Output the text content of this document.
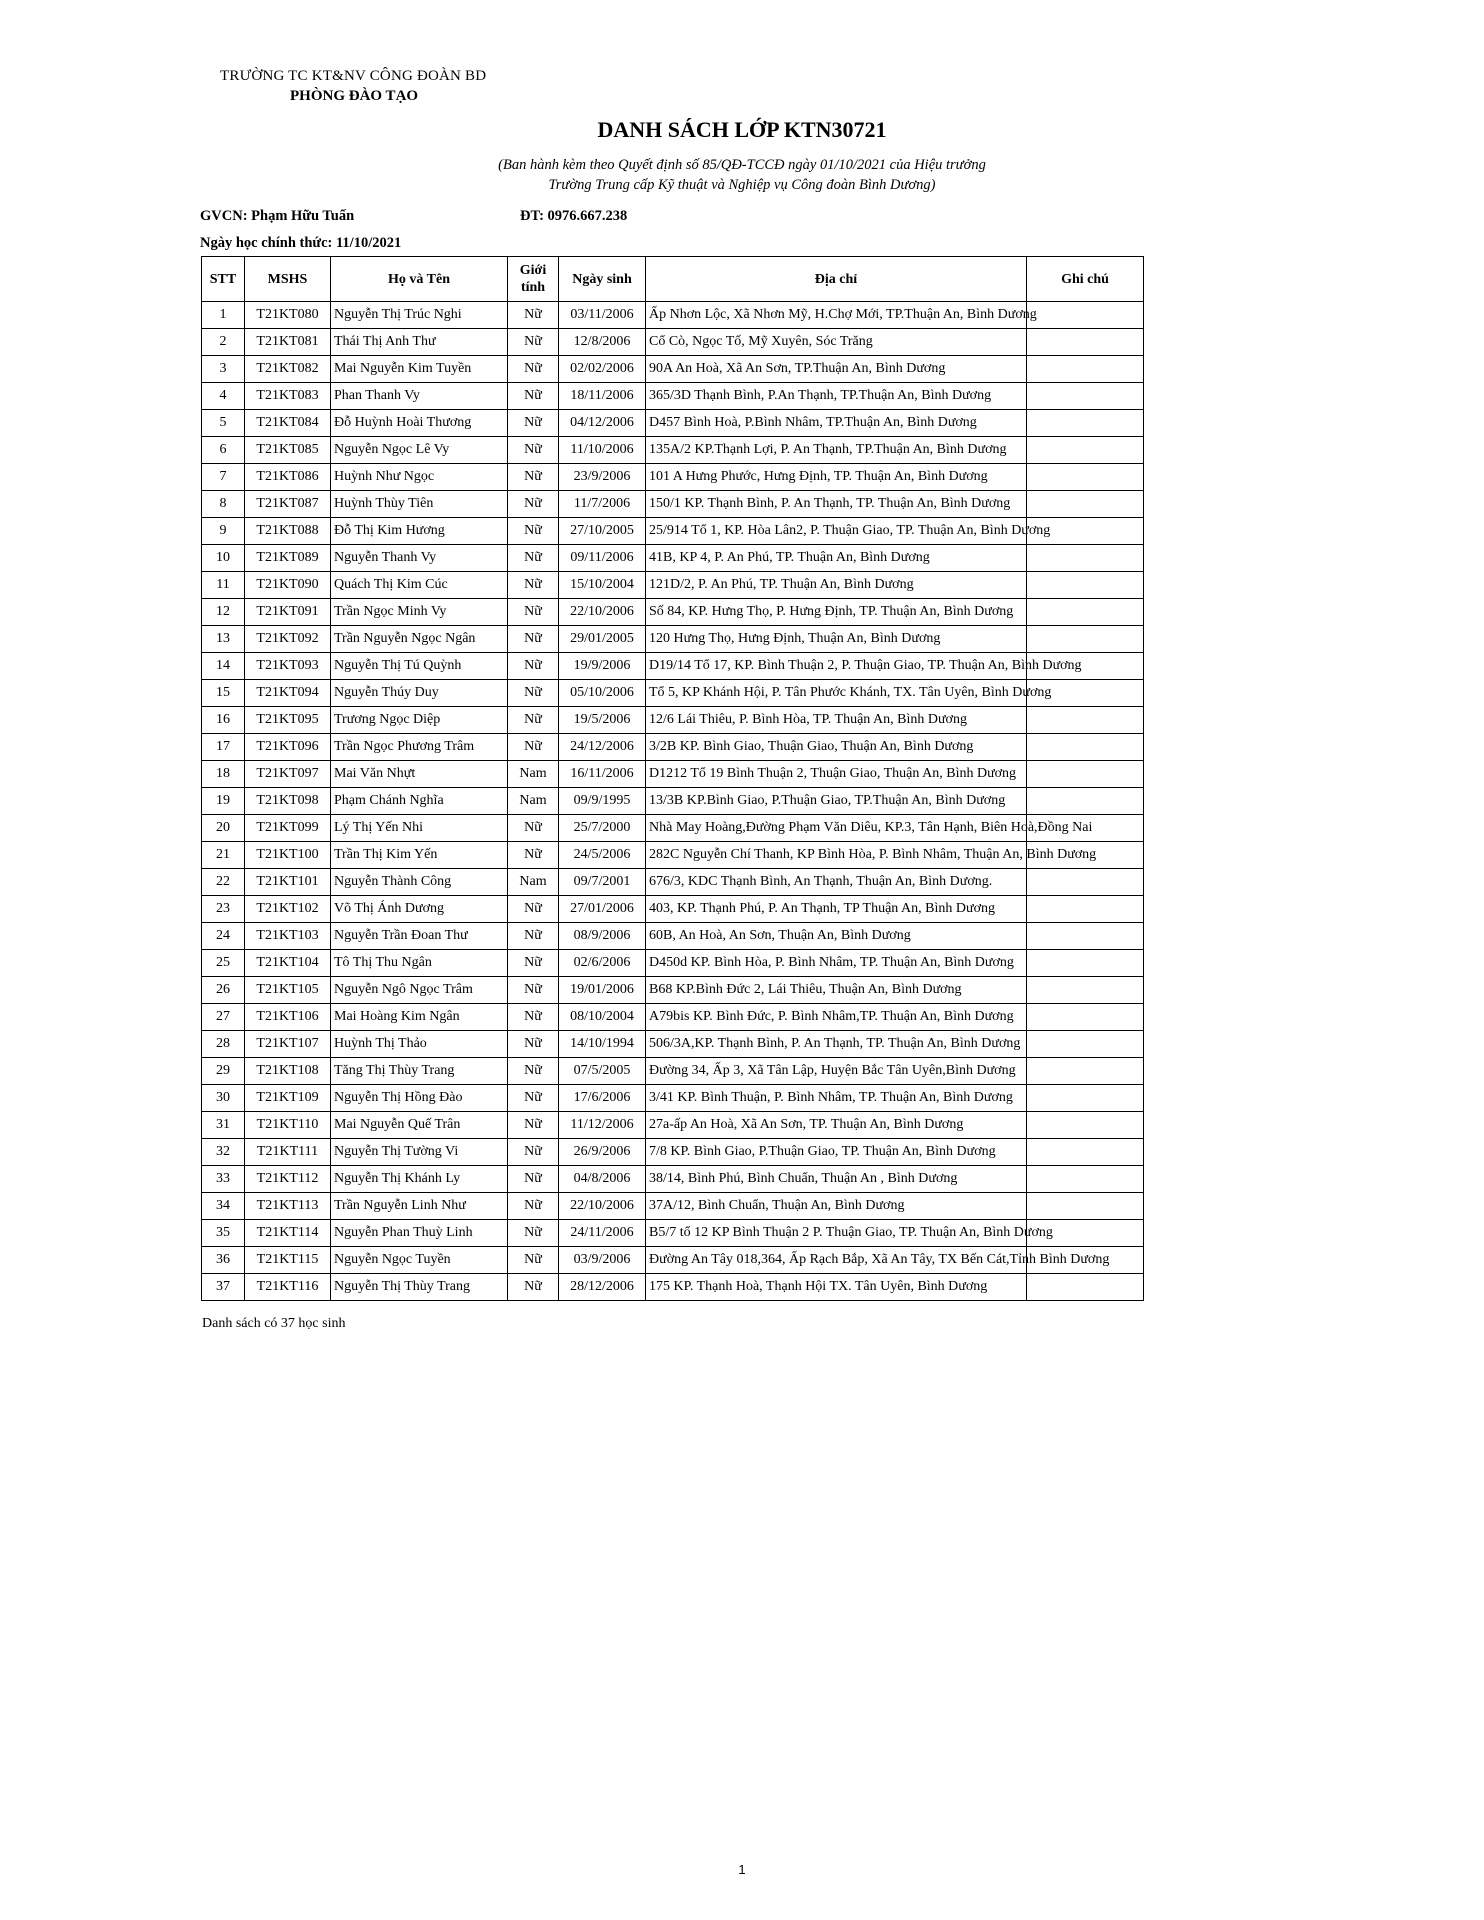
TRƯỜNG TC KT&NV CÔNG ĐOÀN BD
PHÒNG ĐÀO TẠO
DANH SÁCH LỚP KTN30721
(Ban hành kèm theo Quyết định số 85/QĐ-TCCĐ ngày 01/10/2021 của Hiệu trưởng
Trường Trung cấp Kỹ thuật và Nghiệp vụ Công đoàn Bình Dương)
GVCN: Phạm Hữu Tuấn	ĐT: 0976.667.238
Ngày học chính thức: 11/10/2021
STT	MSHS	Họ và Tên	Giới
tính	Ngày sinh	Địa chỉ	Ghi chú
1	T21KT080	Nguyễn Thị Trúc Nghi	Nữ	03/11/2006	Ấp Nhơn Lộc, Xã Nhơn Mỹ, H.Chợ Mới, TP.Thuận An, Bình Dương	
2	T21KT081	Thái Thị Anh Thư	Nữ	12/8/2006	Cổ Cò, Ngọc Tố, Mỹ Xuyên, Sóc Trăng	
3	T21KT082	Mai Nguyễn Kim Tuyền	Nữ	02/02/2006	90A An Hoà, Xã An Sơn, TP.Thuận An, Bình Dương	
4	T21KT083	Phan Thanh Vy	Nữ	18/11/2006	365/3D Thạnh Bình, P.An Thạnh, TP.Thuận An, Bình Dương	
5	T21KT084	Đỗ Huỳnh Hoài Thương	Nữ	04/12/2006	D457 Bình Hoà, P.Bình Nhâm, TP.Thuận An, Bình Dương	
6	T21KT085	Nguyễn Ngọc Lê Vy	Nữ	11/10/2006	135A/2 KP.Thạnh Lợi, P. An Thạnh, TP.Thuận An, Bình Dương	
7	T21KT086	Huỳnh Như Ngọc	Nữ	23/9/2006	101 A Hưng Phước, Hưng Định, TP. Thuận An, Bình Dương	
8	T21KT087	Huỳnh Thùy Tiên	Nữ	11/7/2006	150/1 KP. Thạnh Bình, P. An Thạnh, TP. Thuận An, Bình Dương	
9	T21KT088	Đỗ Thị Kim Hương	Nữ	27/10/2005	25/914 Tổ 1, KP. Hòa Lân2, P. Thuận Giao, TP. Thuận An, Bình Dương	
10	T21KT089	Nguyễn Thanh Vy	Nữ	09/11/2006	41B, KP 4, P. An Phú, TP. Thuận An, Bình Dương	
11	T21KT090	Quách Thị Kim Cúc	Nữ	15/10/2004	121D/2, P. An Phú, TP. Thuận An, Bình Dương	
12	T21KT091	Trần Ngọc Minh Vy	Nữ	22/10/2006	Số 84, KP. Hưng Thọ, P. Hưng Định, TP. Thuận An, Bình Dương	
13	T21KT092	Trần Nguyễn Ngọc Ngân	Nữ	29/01/2005	120 Hưng Thọ, Hưng Định, Thuận An, Bình Dương	
14	T21KT093	Nguyễn Thị Tú Quỳnh	Nữ	19/9/2006	D19/14 Tổ 17, KP. Bình Thuận 2, P. Thuận Giao, TP. Thuận An, Bình Dương	
15	T21KT094	Nguyễn Thúy Duy	Nữ	05/10/2006	Tổ 5, KP Khánh Hội, P. Tân Phước Khánh, TX. Tân Uyên, Bình Dương	
16	T21KT095	Trương Ngọc Diệp	Nữ	19/5/2006	12/6 Lái Thiêu, P. Bình Hòa, TP. Thuận An, Bình Dương	
17	T21KT096	Trần Ngọc Phương Trâm	Nữ	24/12/2006	3/2B KP. Bình Giao, Thuận Giao, Thuận An, Bình Dương	
18	T21KT097	Mai Văn Nhựt	Nam	16/11/2006	D1212 Tổ 19 Bình Thuận 2, Thuận Giao, Thuận An, Bình Dương	
19	T21KT098	Phạm Chánh Nghĩa	Nam	09/9/1995	13/3B KP.Bình Giao, P.Thuận Giao, TP.Thuận An, Bình Dương	
20	T21KT099	Lý Thị Yến Nhi	Nữ	25/7/2000	Nhà May Hoàng,Đường Phạm Văn Diêu, KP.3, Tân Hạnh, Biên Hoà,Đồng Nai	
21	T21KT100	Trần Thị Kim Yến	Nữ	24/5/2006	282C Nguyễn Chí Thanh, KP Bình Hòa, P. Bình Nhâm, Thuận An, Bình Dương	
22	T21KT101	Nguyễn Thành Công	Nam	09/7/2001	676/3, KDC Thạnh Bình, An Thạnh, Thuận An, Bình Dương.	
23	T21KT102	Võ Thị Ánh Dương	Nữ	27/01/2006	403, KP. Thạnh Phú, P. An Thạnh, TP Thuận An, Bình Dương	
24	T21KT103	Nguyễn Trần Đoan Thư	Nữ	08/9/2006	60B, An Hoà, An Sơn, Thuận An, Bình Dương	
25	T21KT104	Tô Thị Thu Ngân	Nữ	02/6/2006	D450d KP. Bình Hòa, P. Bình Nhâm, TP. Thuận An, Bình Dương	
26	T21KT105	Nguyễn Ngô Ngọc Trâm	Nữ	19/01/2006	B68 KP.Bình Đức 2, Lái Thiêu, Thuận An, Bình Dương	
27	T21KT106	Mai Hoàng Kim Ngân	Nữ	08/10/2004	A79bis KP. Bình Đức, P. Bình Nhâm,TP. Thuận An, Bình Dương	
28	T21KT107	Huỳnh Thị Thảo	Nữ	14/10/1994	506/3A,KP. Thạnh Bình, P. An Thạnh, TP. Thuận An, Bình Dương	
29	T21KT108	Tăng Thị Thùy Trang	Nữ	07/5/2005	Đường 34, Ấp 3, Xã Tân Lập, Huyện Bắc Tân Uyên,Bình Dương	
30	T21KT109	Nguyễn Thị Hồng Đào	Nữ	17/6/2006	3/41 KP. Bình Thuận, P. Bình Nhâm, TP. Thuận An, Bình Dương	
31	T21KT110	Mai Nguyễn Quế Trân	Nữ	11/12/2006	27a-ấp An Hoà, Xã An Sơn, TP. Thuận An, Bình Dương	
32	T21KT111	Nguyễn Thị Tường Vi	Nữ	26/9/2006	7/8 KP. Bình Giao, P.Thuận Giao, TP. Thuận An, Bình Dương	
33	T21KT112	Nguyễn Thị Khánh Ly	Nữ	04/8/2006	38/14, Bình Phú, Bình Chuẩn, Thuận An , Bình Dương	
34	T21KT113	Trần Nguyễn Linh Như	Nữ	22/10/2006	37A/12, Bình Chuẩn, Thuận An, Bình Dương	
35	T21KT114	Nguyễn Phan Thuỳ Linh	Nữ	24/11/2006	B5/7 tổ 12 KP Bình Thuận 2 P. Thuận Giao, TP. Thuận An, Bình Dương	
36	T21KT115	Nguyễn Ngọc Tuyền	Nữ	03/9/2006	Đường An Tây 018,364, Ấp Rạch Bắp, Xã An Tây, TX Bến Cát,Tỉnh Bình Dương	
37	T21KT116	Nguyễn Thị Thùy Trang	Nữ	28/12/2006	175 KP. Thạnh Hoà, Thạnh Hội TX. Tân Uyên, Bình Dương	
Danh sách có 37 học sinh
1
